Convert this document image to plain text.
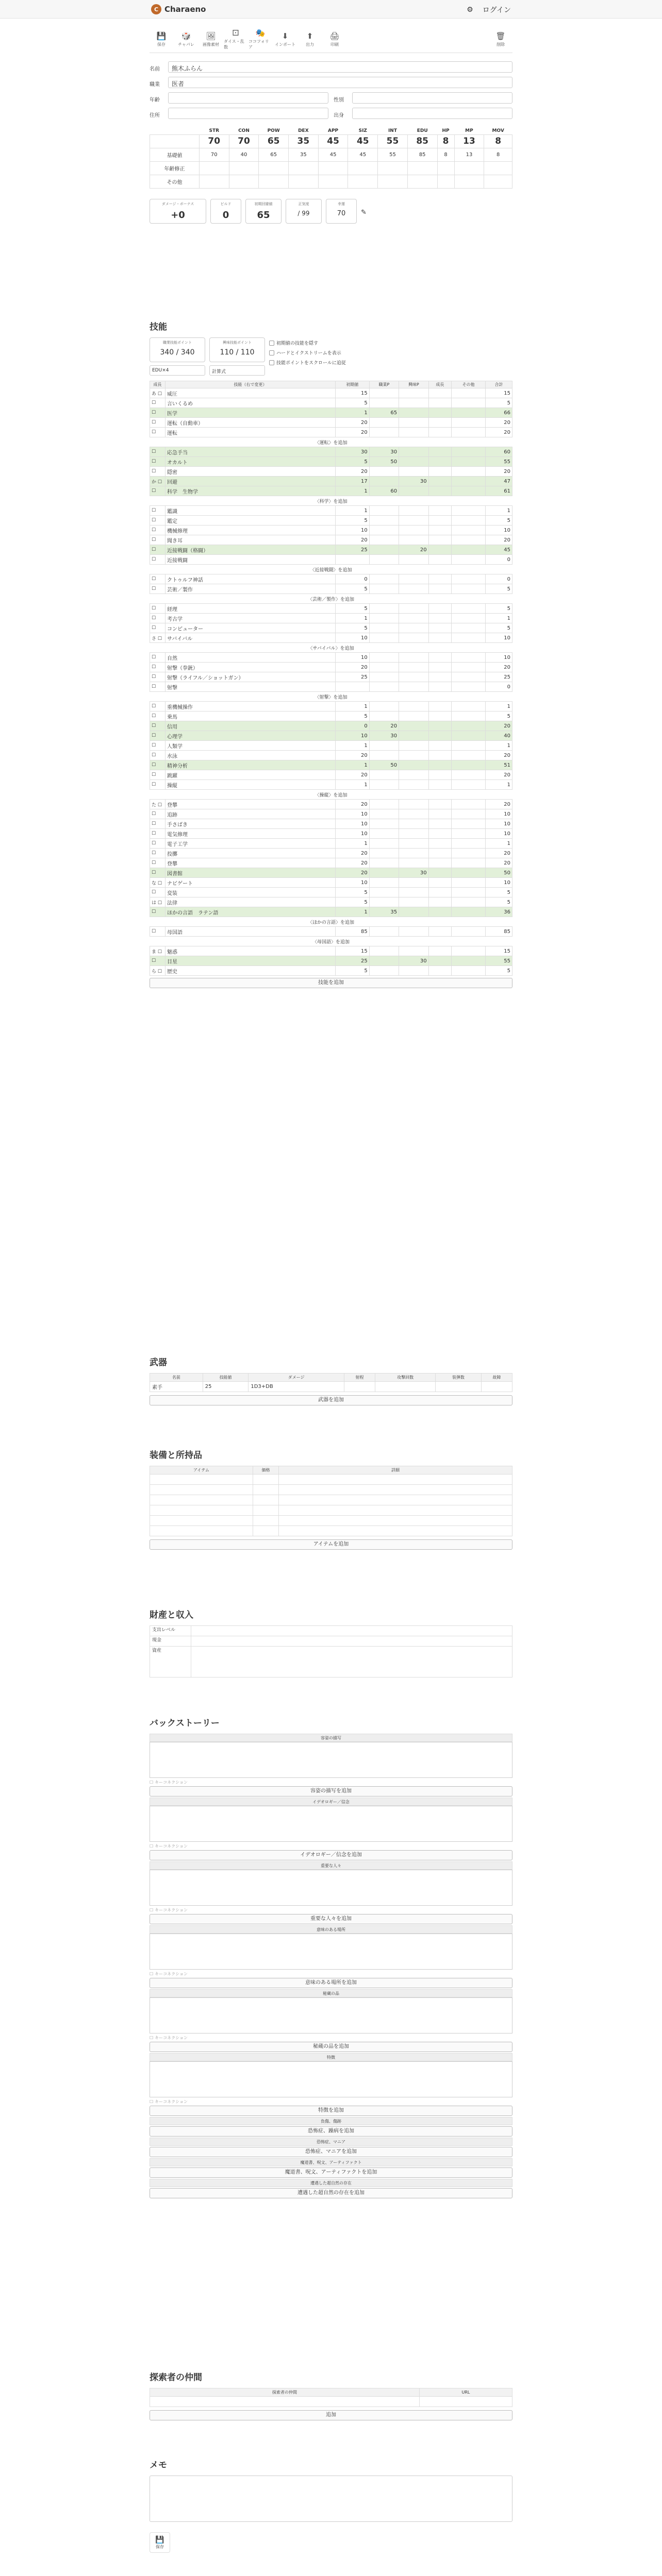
C Charaeno	⚙ ログイン
💾
保存
🎲
チャパレ
🖼
画像素材
⚀
ダイス・乱数
🎭
ココフォリア
⬇
インポート
⬆
出力
🖨
印刷
🗑
削除
名前	熊木ふらん
職業	医者
年齢	性別
住所	出身
	STR	CON	POW	DEX	APP	SIZ	INT	EDU	HP	MP	MOV
	70	70	65	35	45	45	55	85	8	13	8
基礎値	70	40	65	35	45	45	55	85	8	13	8
年齢修正											
その他											
ダメージ・ボーナス
+0
ビルド
0
初期回避値
65
正気度
/ 99
幸運
70	✎
技能
職業技能ポイント
340 / 340
EDU×4
興味技能ポイント
110 / 110
計算式
初期値の技能を隠す
ハードとイクストリームを表示
技能ポイントをスクロールに追従
成長	技能（右で変更）	初期値	職業P	興味P	成長	その他	合計
あ ☐	威圧	15					15
☐	言いくるめ	5					5
☐	医学	1	65				66
☐	運転（自動車）	20					20
☐	運転	20					20
〈運転〉を追加							
☐	応急手当	30	30				60
☐	オカルト	5	50				55
☐	隠密	20					20
か ☐	回避	17		30			47
☐	科学　生物学	1	60				61
〈科学〉を追加							
☐	鑑識	1					1
☐	鑑定	5					5
☐	機械修理	10					10
☐	聞き耳	20					20
☐	近接戦闘（格闘）	25		20			45
☐	近接戦闘						0
〈近接戦闘〉を追加							
☐	クトゥルフ神話	0					0
☐	芸術／製作	5					5
〈芸術／製作〉を追加							
☐	経理	5					5
☐	考古学	1					1
☐	コンピューター	5					5
さ ☐	サバイバル	10					10
〈サバイバル〉を追加							
☐	自然	10					10
☐	射撃（拳銃）	20					20
☐	射撃（ライフル／ショットガン）	25					25
☐	射撃						0
〈射撃〉を追加							
☐	重機械操作	1					1
☐	乗馬	5					5
☐	信用	0	20				20
☐	心理学	10	30				40
☐	人類学	1					1
☐	水泳	20					20
☐	精神分析	1	50				51
☐	跳躍	20					20
☐	操縦	1					1
〈操縦〉を追加							
た ☐	登攀	20					20
☐	追跡	10					10
☐	手さばき	10					10
☐	電気修理	10					10
☐	電子工学	1					1
☐	投擲	20					20
☐	登攀	20					20
☐	図書館	20		30			50
な ☐	ナビゲート	10					10
☐	変装	5					5
は ☐	法律	5					5
☐	ほかの言語　ラテン語	1	35				36
〈ほかの言語〉を追加							
☐	母国語	85					85
〈母国語〉を追加							
ま ☐	魅惑	15					15
☐	目星	25		30			55
ら ☐	歴史	5					5
技能を追加
武器
名前	技能値	ダメージ	射程	攻撃回数	装弾数	故障
素手	25	1D3+DB				
武器を追加
装備と所持品
アイテム	価格	詳細

アイテムを追加
財産と収入
支出レベル	
現金	
資産	
バックストーリー
容姿の描写
☐ キーコネクション
容姿の描写を追加
イデオロギー／信念
☐ キーコネクション
イデオロギー／信念を追加
重要な人々
☐ キーコネクション
重要な人々を追加
意味のある場所
☐ キーコネクション
意味のある場所を追加
秘蔵の品
☐ キーコネクション
秘蔵の品を追加
特徴
☐ キーコネクション
特徴を追加
負傷、傷跡
恐怖症、躁病を追加
恐怖症、マニア
恐怖症、マニアを追加
魔道書、呪文、アーティファクト
魔道書、呪文、アーティファクトを追加
遭遇した超自然の存在
遭遇した超自然の存在を追加
探索者の仲間
探索者の仲間	URL

追加
メモ
💾
保存
